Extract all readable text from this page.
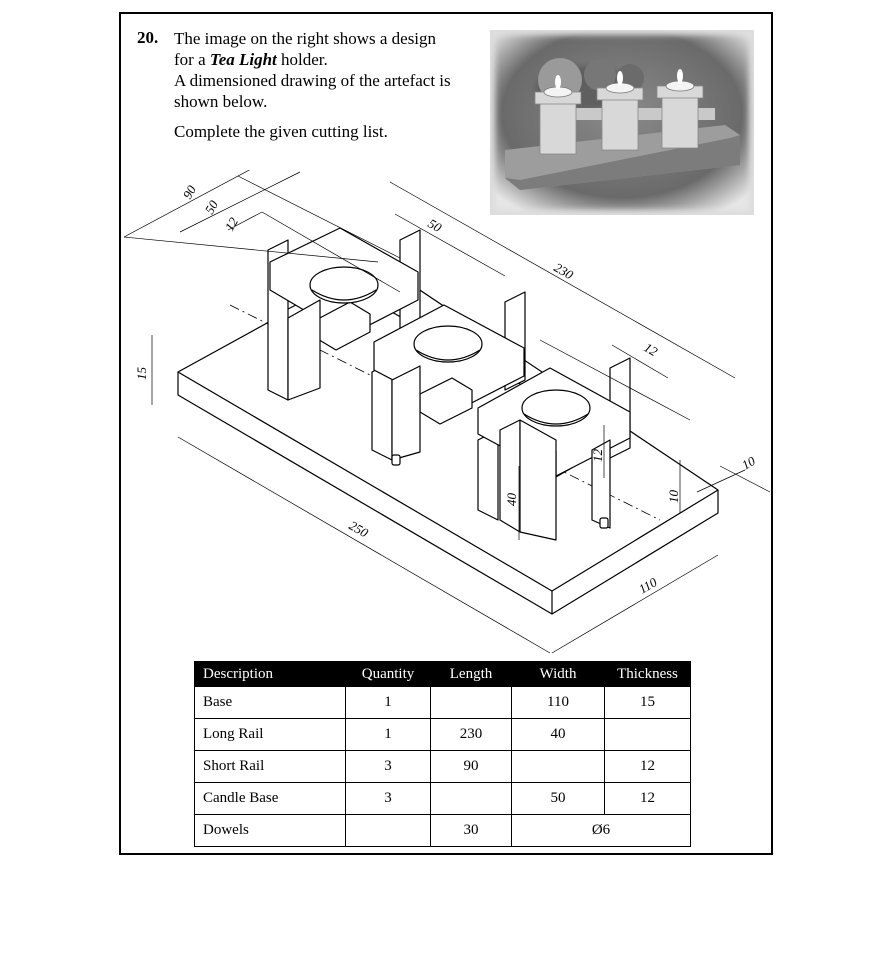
20. The image on the right shows a design

for a Tea Light holder.

A dimensioned drawing of the artefact is

shown below.

Complete the given cutting list.

90
50
12	50
230
12
15
12
40	10
10
250
110
Description	Quantity	Length	Width	Thickness
Base	1		110	15
Long Rail	1	230	40	
Short Rail	3	90		12
Candle Base	3		50	12
Dowels		30	Ø6	
